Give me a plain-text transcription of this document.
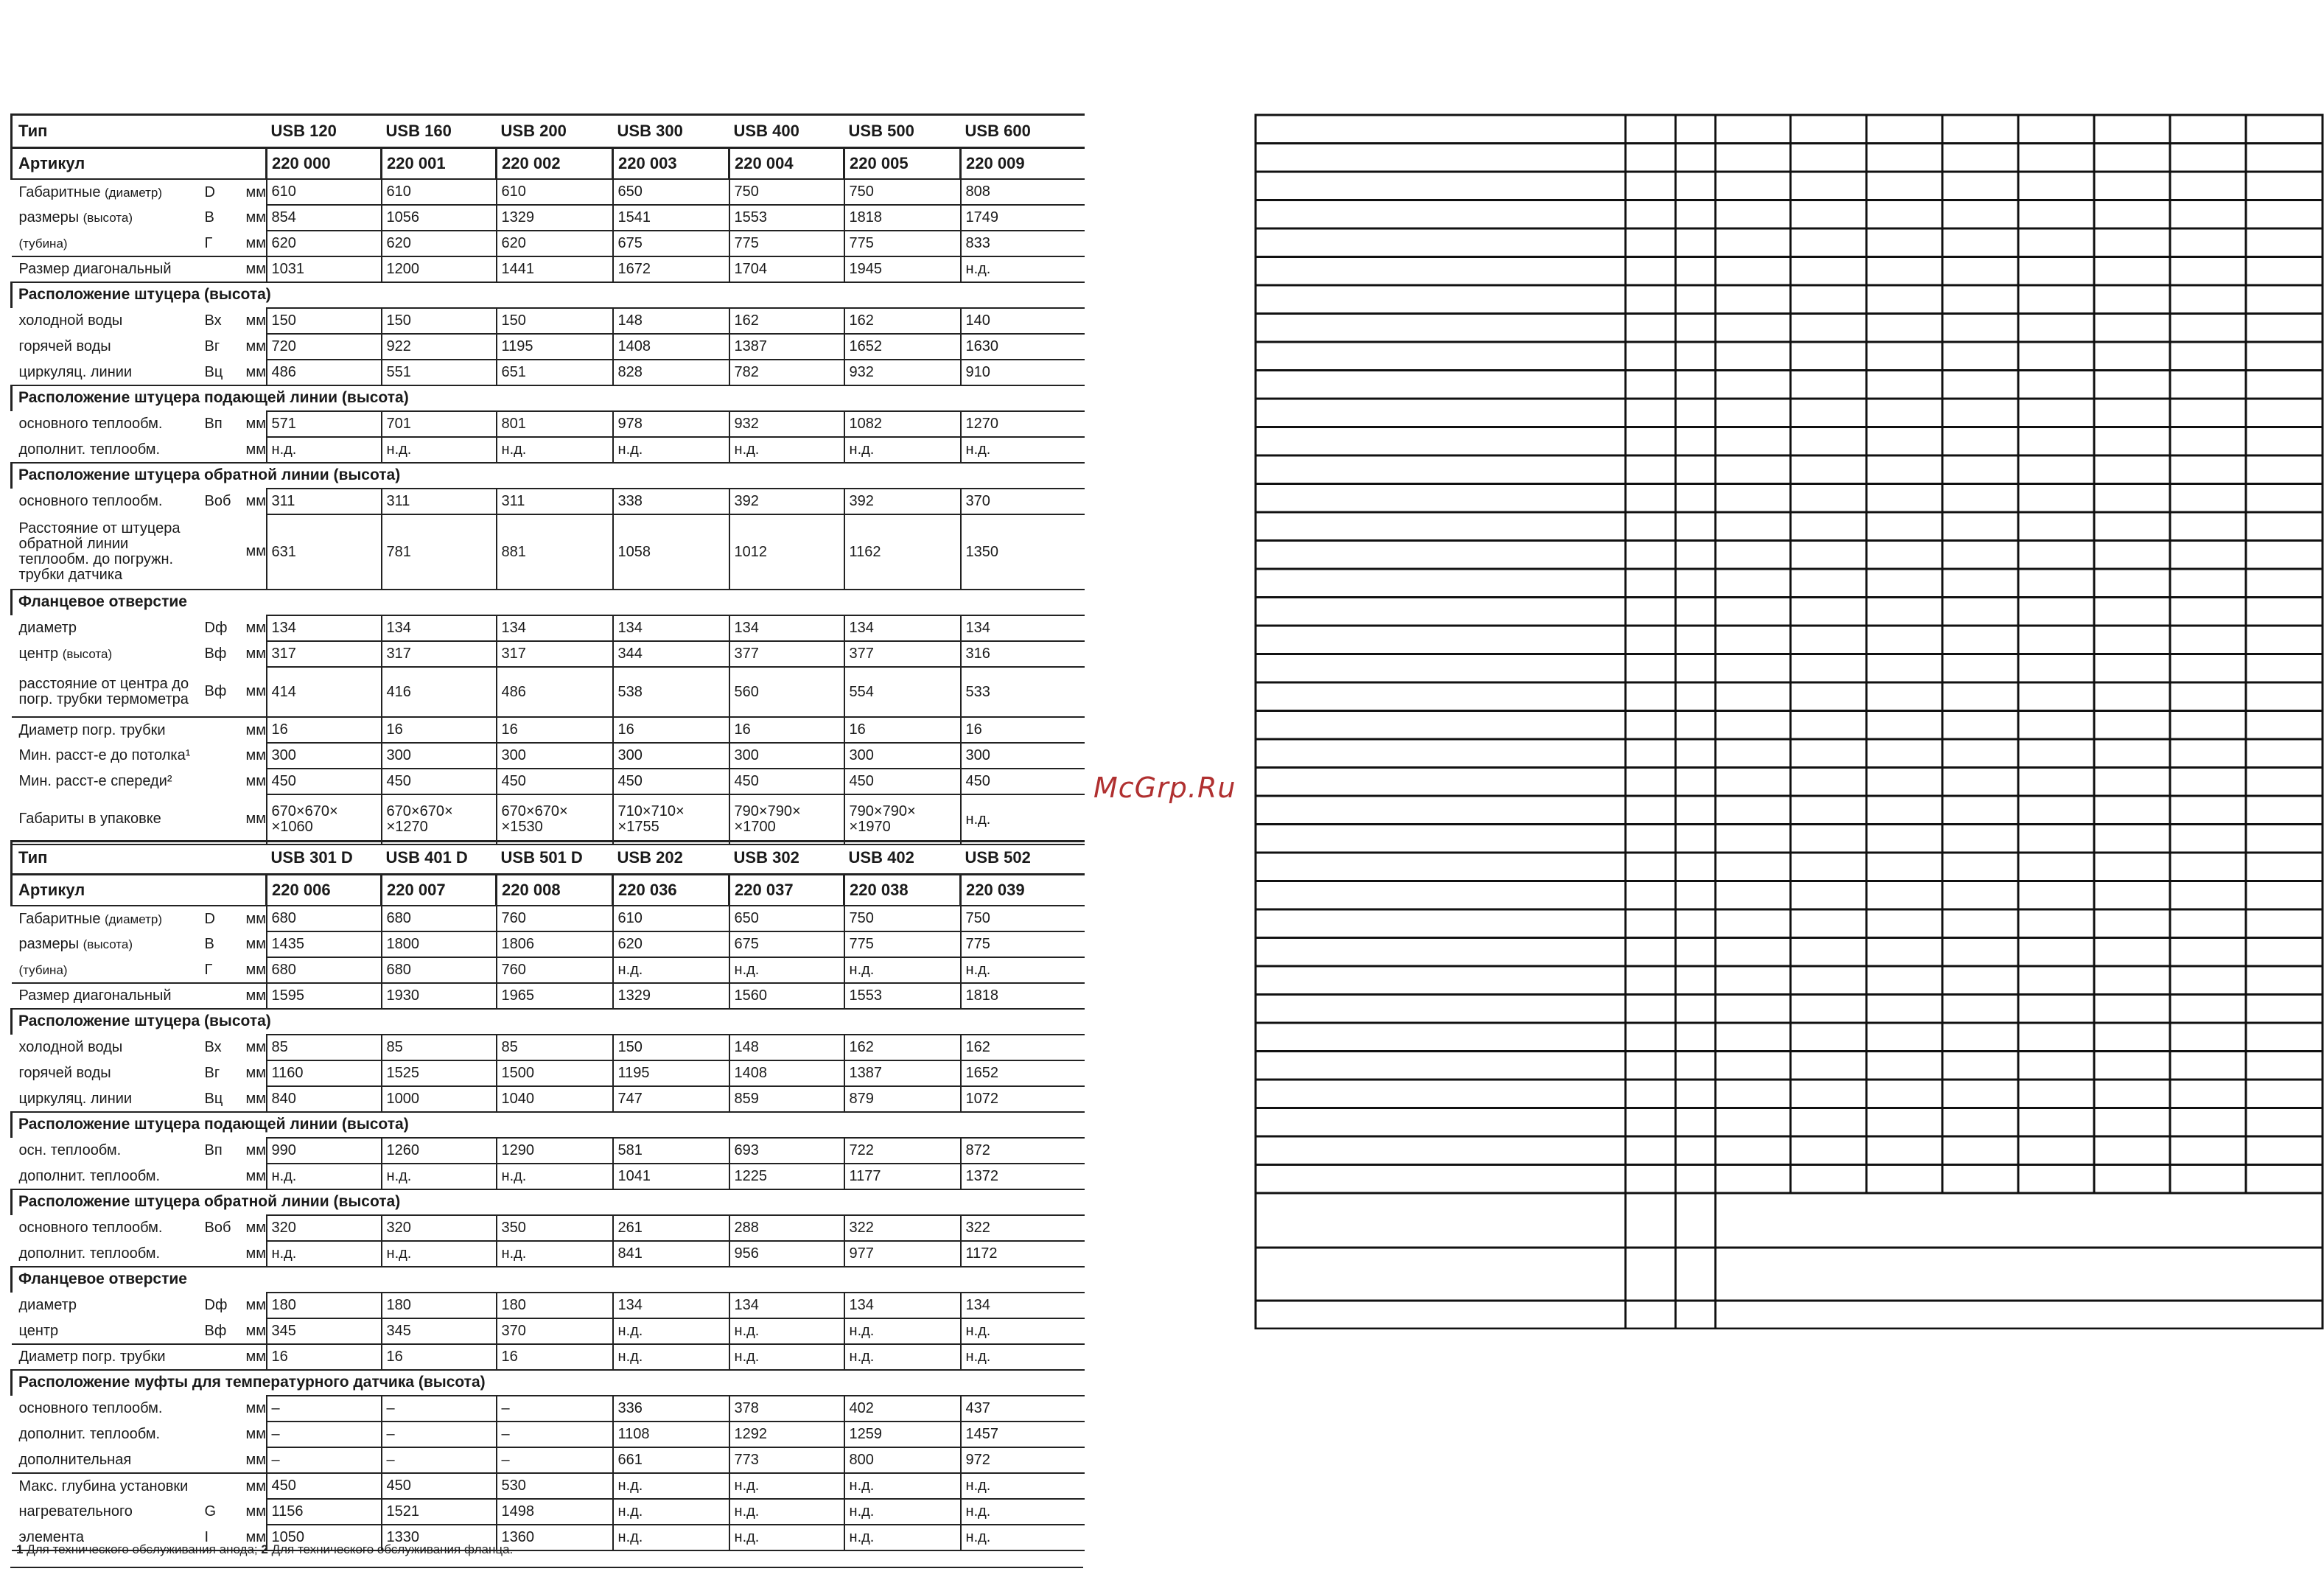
Тип			USB 120	USB 160	USB 200	USB 300	USB 400	USB 500	USB 600
Артикул			220 000	220 001	220 002	220 003	220 004	220 005	220 009
Габаритные (диаметр)	D	мм	610	610	610	650	750	750	808
размеры (высота)	В	мм	854	1056	1329	1541	1553	1818	1749
(тубина)	Г	мм	620	620	620	675	775	775	833
Размер диагональный		мм	1031	1200	1441	1672	1704	1945	н.д.
Расположение штуцера (высота)									
холодной воды	Вх	мм	150	150	150	148	162	162	140
горячей воды	Вг	мм	720	922	1195	1408	1387	1652	1630
циркуляц. линии	Вц	мм	486	551	651	828	782	932	910
Расположение штуцера подающей линии (высота)									
основного теплообм.	Вп	мм	571	701	801	978	932	1082	1270
дополнит. теплообм.		мм	н.д.	н.д.	н.д.	н.д.	н.д.	н.д.	н.д.
Расположение штуцера обратной линии (высота)									
основного теплообм.	Воб	мм	311	311	311	338	392	392	370
Расстояние от штуцера обратной линии теплообм. до погружн. трубки датчика		мм	631	781	881	1058	1012	1162	1350
Фланцевое отверстие									
диаметр	Dф	мм	134	134	134	134	134	134	134
центр (высота)	Вф	мм	317	317	317	344	377	377	316
расстояние от центра до погр. трубки термометра	Вф	мм	414	416	486	538	560	554	533
Диаметр погр. трубки		мм	16	16	16	16	16	16	16
Мин. расст-е до потолка¹		мм	300	300	300	300	300	300	300
Мин. расст-е спереди²		мм	450	450	450	450	450	450	450
Габариты в упаковке		мм	670×670× ×1060	670×670× ×1270	670×670× ×1530	710×710× ×1755	790×790× ×1700	790×790× ×1970	н.д.
Тип			USB 301 D	USB 401 D	USB 501 D	USB 202	USB 302	USB 402	USB 502
Артикул			220 006	220 007	220 008	220 036	220 037	220 038	220 039
Габаритные (диаметр)	D	мм	680	680	760	610	650	750	750
размеры (высота)	В	мм	1435	1800	1806	620	675	775	775
(тубина)	Г	мм	680	680	760	н.д.	н.д.	н.д.	н.д.
Размер диагональный		мм	1595	1930	1965	1329	1560	1553	1818
Расположение штуцера (высота)									
холодной воды	Вх	мм	85	85	85	150	148	162	162
горячей воды	Вг	мм	1160	1525	1500	1195	1408	1387	1652
циркуляц. линии	Вц	мм	840	1000	1040	747	859	879	1072
Расположение штуцера подающей линии (высота)									
осн. теплообм.	Вп	мм	990	1260	1290	581	693	722	872
дополнит. теплообм.		мм	н.д.	н.д.	н.д.	1041	1225	1177	1372
Расположение штуцера обратной линии (высота)									
основного теплообм.	Воб	мм	320	320	350	261	288	322	322
дополнит. теплообм.		мм	н.д.	н.д.	н.д.	841	956	977	1172
Фланцевое отверстие									
диаметр	Dф	мм	180	180	180	134	134	134	134
центр	Вф	мм	345	345	370	н.д.	н.д.	н.д.	н.д.
Диаметр погр. трубки		мм	16	16	16	н.д.	н.д.	н.д.	н.д.
Расположение муфты для температурного датчика (высота)									
основного теплообм.		мм	–	–	–	336	378	402	437
дополнит. теплообм.		мм	–	–	–	1108	1292	1259	1457
дополнительная		мм	–	–	–	661	773	800	972
Макс. глубина установки		мм	450	450	530	н.д.	н.д.	н.д.	н.д.
нагревательного	G	мм	1156	1521	1498	н.д.	н.д.	н.д.	н.д.
элемента	I	мм	1050	1330	1360	н.д.	н.д.	н.д.	н.д.
McGrp.Ru
1 Для технического обслуживания анода; 2 Для технического обслуживания фланца.
